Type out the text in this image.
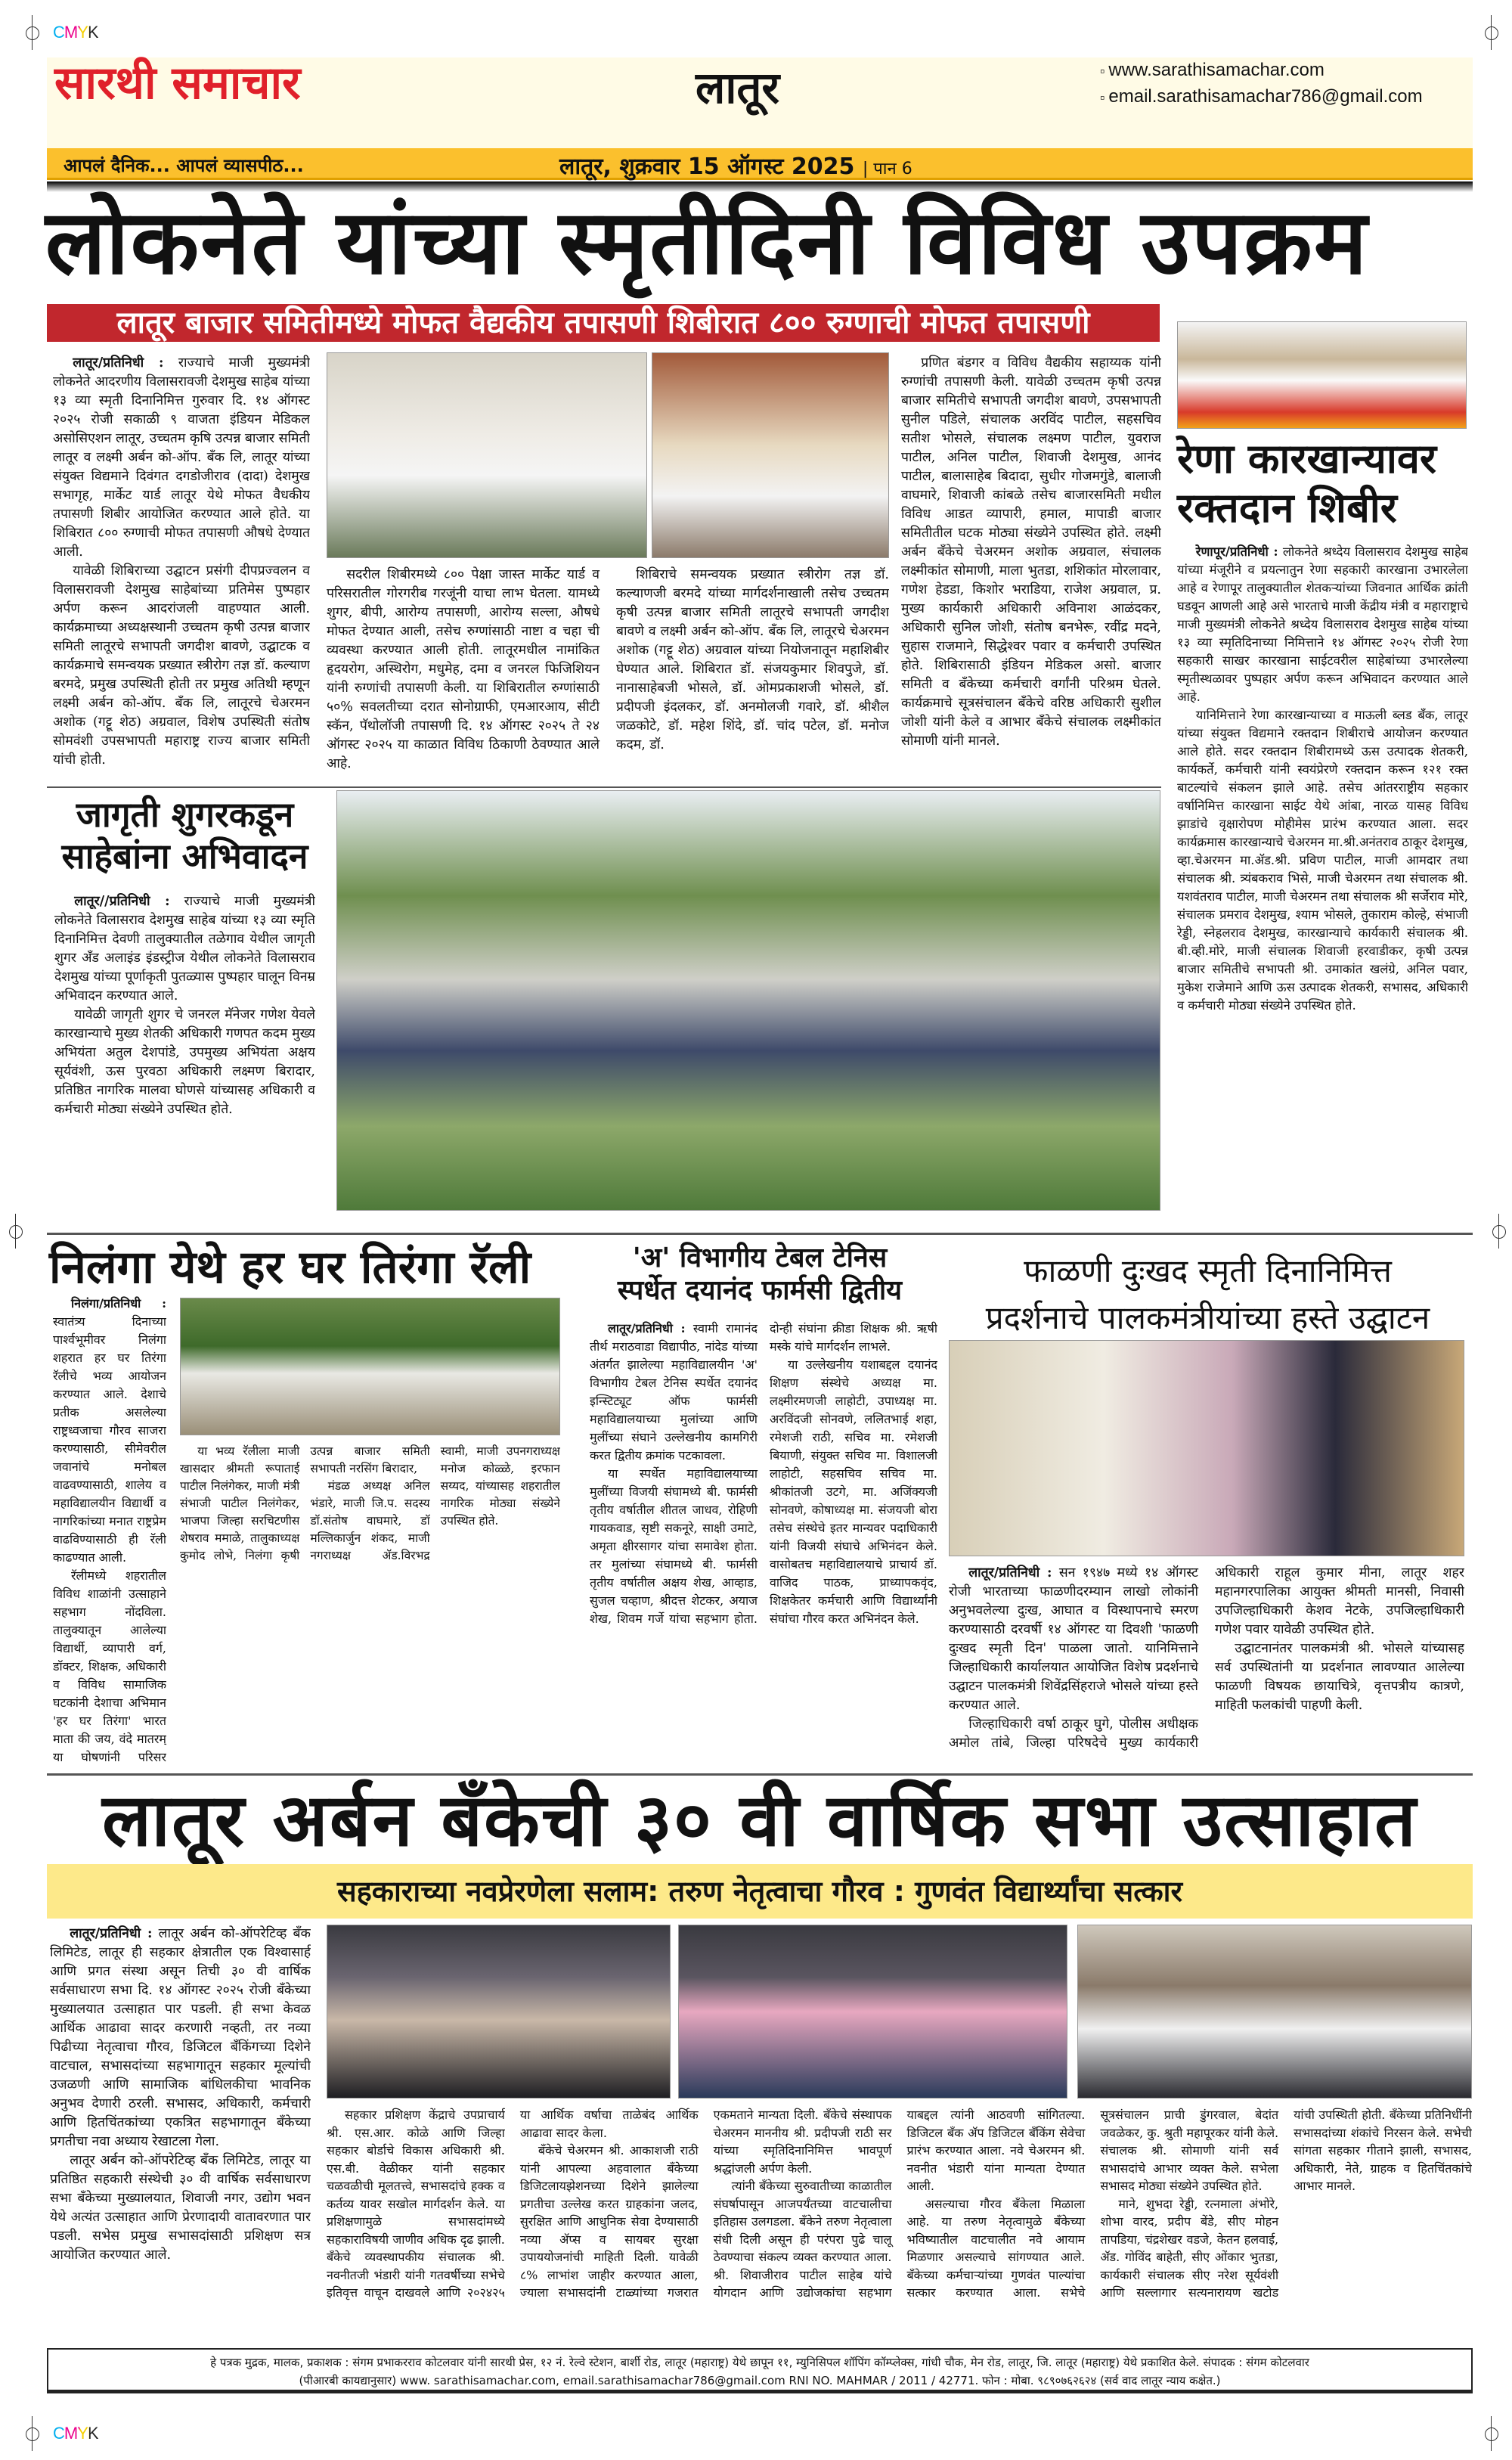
CMYK
CMYK
सारथी समाचार	लातूर	▫ www.sarathisamachar.com
▫ email.sarathisamachar786@gmail.com
आपलं दैनिक... आपलं व्यासपीठ...	लातूर, शुक्रवार 15 ऑगस्ट 2025 | पान 6
लोकनेते यांच्या स्मृतीदिनी विविध उपक्रम
लातूर बाजार समितीमध्ये मोफत वैद्यकीय तपासणी शिबीरात ८०० रुग्णाची मोफत तपासणी

लातूर/प्रतिनिधी : राज्याचे माजी मुख्यमंत्री लोकनेते आदरणीय विलासरावजी देशमुख साहेब यांच्या १३ व्या स्मृती दिनानिमित्त गुरुवार दि. १४ ऑगस्ट २०२५ रोजी सकाळी ९ वाजता इंडियन मेडिकल असोसिएशन लातूर, उच्चतम कृषि उत्पन्न बाजार समिती लातूर व लक्ष्मी अर्बन को-ऑप. बँक लि, लातूर यांच्या संयुक्त विद्यमाने दिवंगत दगडोजीराव (दादा) देशमुख सभागृह, मार्केट यार्ड लातूर येथे मोफत वैधकीय तपासणी शिबीर आयोजित करण्यात आले होते. या शिबिरात ८०० रुग्णाची मोफत तपासणी औषधे देण्यात आली.

यावेळी शिबिराच्या उद्घाटन प्रसंगी दीपप्रज्वलन व विलासरावजी देशमुख साहेबांच्या प्रतिमेस पुष्पहार अर्पण करून आदरांजली वाहण्यात आली. कार्यक्रमाच्या अध्यक्षस्थानी उच्चतम कृषी उत्पन्न बाजार समिती लातूरचे सभापती जगदीश बावणे, उद्घाटक व कार्यक्रमाचे समन्वयक प्रख्यात स्त्रीरोग तज्ञ डॉ. कल्याण बरमदे, प्रमुख उपस्थिती होती तर प्रमुख अतिथी म्हणून लक्ष्मी अर्बन को-ऑप. बँक लि, लातूरचे चेअरमन अशोक (गट्टू शेठ) अग्रवाल, विशेष उपस्थिती संतोष सोमवंशी उपसभापती महाराष्ट्र राज्य बाजार समिती यांची होती.

सदरील शिबीरमध्ये ८०० पेक्षा जास्त मार्केट यार्ड व परिसरातील गोरगरीब गरजूंनी याचा लाभ घेतला. यामध्ये शुगर, बीपी, आरोग्य तपासणी, आरोग्य सल्ला, औषधे मोफत देण्यात आली, तसेच रुग्णांसाठी नाष्टा व चहा ची व्यवस्था करण्यात आली होती. लातूरमधील नामांकित हृदयरोग, अस्थिरोग, मधुमेह, दमा व जनरल फिजिशियन यांनी रुग्णांची तपासणी केली. या शिबिरातील रुग्णांसाठी ५०% सवलतीच्या दरात सोनोग्राफी, एमआरआय, सीटी स्कॅन, पॅथोलॉजी तपासणी दि. १४ ऑगस्ट २०२५ ते २४ ऑगस्ट २०२५ या काळात विविध ठिकाणी ठेवण्यात आले आहे.

शिबिराचे समन्वयक प्रख्यात स्त्रीरोग तज्ञ डॉ. कल्याणजी बरमदे यांच्या मार्गदर्शनाखाली तसेच उच्चतम कृषी उत्पन्न बाजार समिती लातूरचे सभापती जगदीश बावणे व लक्ष्मी अर्बन को-ऑप. बँक लि, लातूरचे चेअरमन अशोक (गट्टू शेठ) अग्रवाल यांच्या नियोजनातून महाशिबीर घेण्यात आले. शिबिरात डॉ. संजयकुमार शिवपुजे, डॉ. नानासाहेबजी भोसले, डॉ. ओमप्रकाशजी भोसले, डॉ. प्रदीपजी इंदलकर, डॉ. अनमोलजी गवारे, डॉ. श्रीशैल जळकोटे, डॉ. महेश शिंदे, डॉ. चांद पटेल, डॉ. मनोज कदम, डॉ.

प्रणित बंडगर व विविध वैद्यकीय सहाय्यक यांनी रुग्णांची तपासणी केली. यावेळी उच्चतम कृषी उत्पन्न बाजार समितीचे सभापती जगदीश बावणे, उपसभापती सुनील पडिले, संचालक अरविंद पाटील, सहसचिव सतीश भोसले, संचालक लक्ष्मण पाटील, युवराज पाटील, अनिल पाटील, शिवाजी देशमुख, आनंद पाटील, बालासाहेब बिदादा, सुधीर गोजमगुंडे, बालाजी वाघमारे, शिवाजी कांबळे तसेच बाजारसमिती मधील विविध आडत व्यापारी, हमाल, मापाडी बाजार समितीतील घटक मोठ्या संख्येने उपस्थित होते. लक्ष्मी अर्बन बँकेचे चेअरमन अशोक अग्रवाल, संचालक लक्ष्मीकांत सोमाणी, माला भुतडा, शशिकांत मोरलावार, गणेश हेडडा, किशोर भराडिया, राजेश अग्रवाल, प्र. मुख्य कार्यकारी अधिकारी अविनाश आळंदकर, अधिकारी सुनिल जोशी, संतोष बनभेरू, रवींद्र मदने, सुहास राजमाने, सिद्धेश्वर पवार व कर्मचारी उपस्थित होते. शिबिरासाठी इंडियन मेडिकल असो. बाजार समिती व बँकेच्या कर्मचारी वर्गांनी परिश्रम घेतले. कार्यक्रमाचे सूत्रसंचालन बँकेचे वरिष्ठ अधिकारी सुशील जोशी यांनी केले व आभार बँकेचे संचालक लक्ष्मीकांत सोमाणी यांनी मानले.

रेणा कारखान्यावर
रक्तदान शिबीर

रेणापूर/प्रतिनिधी : लोकनेते श्रध्देय विलासराव देशमुख साहेब यांच्या मंजूरीने व प्रयत्नातुन रेणा सहकारी कारखाना उभारलेला आहे व रेणापूर तालुक्यातील शेतकऱ्यांच्या जिवनात आर्थिक क्रांती घडवून आणली आहे असे भारताचे माजी केंद्रीय मंत्री व महाराष्ट्राचे माजी मुख्यमंत्री लोकनेते श्रध्देय विलासराव देशमुख साहेब यांच्या १३ व्या स्मृतिदिनाच्या निमित्ताने १४ ऑगस्ट २०२५ रोजी रेणा सहकारी साखर कारखाना साईटवरील साहेबांच्या उभारलेल्या स्मृतीस्थळावर पुष्पहार अर्पण करून अभिवादन करण्यात आले आहे.

यानिमित्ताने रेणा कारखान्याच्या व माऊली ब्लड बँक, लातूर यांच्या संयुक्त विद्यमाने रक्तदान शिबीराचे आयोजन करण्यात आले होते. सदर रक्तदान शिबीरामध्ये ऊस उत्पादक शेतकरी, कार्यकर्ते, कर्मचारी यांनी स्वयंप्रेरणे रक्तदान करून १२१ रक्त बाटल्यांचे संकलन झाले आहे. तसेच आंतरराष्ट्रीय सहकार वर्षानिमित्त कारखाना साईट येथे आंबा, नारळ यासह विविध झाडांचे वृक्षारोपण मोहीमेस प्रारंभ करण्यात आला. सदर कार्यक्रमास कारखान्याचे चेअरमन मा.श्री.अनंतराव ठाकूर देशमुख, व्हा.चेअरमन मा.ॲड.श्री. प्रविण पाटील, माजी आमदार तथा संचालक श्री. त्र्यंबकराव भिसे, माजी चेअरमन तथा संचालक श्री. यशवंतराव पाटील, माजी चेअरमन तथा संचालक श्री सर्जेराव मोरे, संचालक प्रमराव देशमुख, श्याम भोसले, तुकाराम कोल्हे, संभाजी रेड्डी, स्नेहलराव देशमुख, कारखान्याचे कार्यकारी संचालक श्री. बी.व्ही.मोरे, माजी संचालक शिवाजी हरवाडीकर, कृषी उत्पन्न बाजार समितीचे सभापती श्री. उमाकांत खलंग्रे, अनिल पवार, मुकेश राजेमाने आणि ऊस उत्पादक शेतकरी, सभासद, अधिकारी व कर्मचारी मोठ्या संख्येने उपस्थित होते.

जागृती शुगरकडून
साहेबांना अभिवादन

लातूर//प्रतिनिधी : राज्याचे माजी मुख्यमंत्री लोकनेते विलासराव देशमुख साहेब यांच्या १३ व्या स्मृति दिनानिमित्त देवणी तालुक्यातील तळेगाव येथील जागृती शुगर अँड अलाइंड इंडस्ट्रीज येथील लोकनेते विलासराव देशमुख यांच्या पूर्णाकृती पुतळ्यास पुष्पहार घालून विनम्र अभिवादन करण्यात आले.

यावेळी जागृती शुगर चे जनरल मॅनेजर गणेश येवले कारखान्याचे मुख्य शेतकी अधिकारी गणपत कदम मुख्य अभियंता अतुल देशपांडे, उपमुख्य अभियंता अक्षय सूर्यवंशी, ऊस पुरवठा अधिकारी लक्ष्मण बिरादार, प्रतिष्ठित नागरिक मालवा घोणसे यांच्यासह अधिकारी व कर्मचारी मोठ्या संख्येने उपस्थित होते.

निलंगा येथे हर घर तिरंगा रॅली

निलंगा/प्रतिनिधी : स्वातंत्र्य दिनाच्या पार्श्वभूमीवर निलंगा शहरात हर घर तिरंगा रॅलीचे भव्य आयोजन करण्यात आले. देशाचे प्रतीक असलेल्या राष्ट्रध्वजाचा गौरव साजरा करण्यासाठी, सीमेवरील जवानांचे मनोबल वाढवण्यासाठी, शालेय व महाविद्यालयीन विद्यार्थी व नागरिकांच्या मनात राष्ट्रप्रेम वाढविण्यासाठी ही रॅली काढण्यात आली.

रॅलीमध्ये शहरातील विविध शाळांनी उत्साहाने सहभाग नोंदविला. तालुक्यातून आलेल्या विद्यार्थी, व्यापारी वर्ग, डॉक्टर, शिक्षक, अधिकारी व विविध सामाजिक घटकांनी देशाचा अभिमान 'हर घर तिरंगा' भारत माता की जय, वंदे मातरम् या घोषणांनी परिसर

या भव्य रॅलीला माजी खासदार श्रीमती रूपाताई पाटील निलंगेकर, माजी मंत्री संभाजी पाटील निलंगेकर, भाजपा जिल्हा सरचिटणीस शेषराव ममाळे, तालुकाध्यक्ष कुमोद लोभे, निलंगा कृषी उत्पन्न बाजार समिती सभापती नरसिंग बिरादार,

मंडळ अध्यक्ष अनिल भंडारे, माजी जि.प. सदस्य डॉ.संतोष वाघमारे, डॉ मल्लिकार्जुन शंकद, माजी नगराध्यक्ष ॲड.विरभद्र स्वामी, माजी उपनगराध्यक्ष मनोज कोळ्ळे, इरफान सय्यद, यांच्यासह शहरातील नागरिक मोठ्या संख्येने उपस्थित होते.

'अ' विभागीय टेबल टेनिस
स्पर्धेत दयानंद फार्मसी द्वितीय

लातूर/प्रतिनिधी : स्वामी रामानंद तीर्थ मराठवाडा विद्यापीठ, नांदेड यांच्या अंतर्गत झालेल्या महाविद्यालयीन 'अ' विभागीय टेबल टेनिस स्पर्धेत दयानंद इन्स्टिट्यूट ऑफ फार्मसी महाविद्यालयाच्या मुलांच्या आणि मुलींच्या संघाने उल्लेखनीय कामगिरी करत द्वितीय क्रमांक पटकावला.

या स्पर्धेत महाविद्यालयाच्या मुलींच्या विजयी संघामध्ये बी. फार्मसी तृतीय वर्षातील शीतल जाधव, रोहिणी गायकवाड, सृष्टी सकनूरे, साक्षी उमाटे, अमृता क्षीरसागर यांचा समावेश होता. तर मुलांच्या संघामध्ये बी. फार्मसी तृतीय वर्षातील अक्षय शेख, आव्हाड, सुजल चव्हाण, श्रीदत्त शेटकर, अयाज शेख, शिवम गर्जे यांचा सहभाग होता. दोन्ही संघांना क्रीडा शिक्षक श्री. ऋषी मस्के यांचे मार्गदर्शन लाभले.

या उल्लेखनीय यशाबद्दल दयानंद शिक्षण संस्थेचे अध्यक्ष मा. लक्ष्मीरमणजी लाहोटी, उपाध्यक्ष मा. अरविंदजी सोनवणे, ललितभाई शहा, रमेशजी राठी, सचिव मा. रमेशजी बियाणी, संयुक्त सचिव मा. विशालजी लाहोटी, सहसचिव सचिव मा. श्रीकांतजी उटगे, मा. अजिंक्यजी सोनवणे, कोषाध्यक्ष मा. संजयजी बोरा तसेच संस्थेचे इतर मान्यवर पदाधिकारी यांनी विजयी संघाचे अभिनंदन केले. वासोबतच महाविद्यालयाचे प्राचार्य डॉ. वाजिद पाठक, प्राध्यापकवृंद, शिक्षकेतर कर्मचारी आणि विद्यार्थ्यांनी संघांचा गौरव करत अभिनंदन केले.

फाळणी दुःखद स्मृती दिनानिमित्त
प्रदर्शनाचे पालकमंत्रीयांच्या हस्ते उद्घाटन

लातूर/प्रतिनिधी : सन १९४७ मध्ये १४ ऑगस्ट रोजी भारताच्या फाळणीदरम्यान लाखो लोकांनी अनुभवलेल्या दुःख, आघात व विस्थापनाचे स्मरण करण्यासाठी दरवर्षी १४ ऑगस्ट या दिवशी 'फाळणी दुःखद स्मृती दिन' पाळला जातो. यानिमित्ताने जिल्हाधिकारी कार्यालयात आयोजित विशेष प्रदर्शनाचे उद्घाटन पालकमंत्री शिवेंद्रसिंहराजे भोसले यांच्या हस्ते करण्यात आले.

जिल्हाधिकारी वर्षा ठाकूर घुगे, पोलीस अधीक्षक अमोल तांबे, जिल्हा परिषदेचे मुख्य कार्यकारी अधिकारी राहूल कुमार मीना, लातूर शहर महानगरपालिका आयुक्त श्रीमती मानसी, निवासी उपजिल्हाधिकारी केशव नेटके, उपजिल्हाधिकारी गणेश पवार यावेळी उपस्थित होते.

उद्घाटनानंतर पालकमंत्री श्री. भोसले यांच्यासह सर्व उपस्थितांनी या प्रदर्शनात लावण्यात आलेल्या फाळणी विषयक छायाचित्रे, वृत्तपत्रीय कात्रणे, माहिती फलकांची पाहणी केली.

लातूर अर्बन बँकेची ३० वी वार्षिक सभा उत्साहात
सहकाराच्या नवप्रेरणेला सलाम: तरुण नेतृत्वाचा गौरव : गुणवंत विद्यार्थ्यांचा सत्कार

लातूर/प्रतिनिधी : लातूर अर्बन को-ऑपरेटिव्ह बँक लिमिटेड, लातूर ही सहकार क्षेत्रातील एक विश्वासार्ह आणि प्रगत संस्था असून तिची ३० वी वार्षिक सर्वसाधारण सभा दि. १४ ऑगस्ट २०२५ रोजी बँकेच्या मुख्यालयात उत्साहात पार पडली. ही सभा केवळ आर्थिक आढावा सादर करणारी नव्हती, तर नव्या पिढीच्या नेतृत्वाचा गौरव, डिजिटल बँकिंगच्या दिशेने वाटचाल, सभासदांच्या सहभागातून सहकार मूल्यांची उजळणी आणि सामाजिक बांधिलकीचा भावनिक अनुभव देणारी ठरली. सभासद, अधिकारी, कर्मचारी आणि हितचिंतकांच्या एकत्रित सहभागातून बँकेच्या प्रगतीचा नवा अध्याय रेखाटला गेला.

लातूर अर्बन को-ऑपरेटिव्ह बँक लिमिटेड, लातूर या प्रतिष्ठित सहकारी संस्थेची ३० वी वार्षिक सर्वसाधारण सभा बँकेच्या मुख्यालयात, शिवाजी नगर, उद्योग भवन येथे अत्यंत उत्साहात आणि प्रेरणादायी वातावरणात पार पडली. सभेस प्रमुख सभासदांसाठी प्रशिक्षण सत्र आयोजित करण्यात आले.

सहकार प्रशिक्षण केंद्राचे उपप्राचार्य श्री. एस.आर. कोळे आणि जिल्हा सहकार बोर्डाचे विकास अधिकारी श्री. एस.बी. वेळीकर यांनी सहकार चळवळीची मूलतत्त्वे, सभासदांचे हक्क व कर्तव्य यावर सखोल मार्गदर्शन केले. या प्रशिक्षणामुळे सभासदांमध्ये सहकाराविषयी जाणीव अधिक दृढ झाली. बँकेचे व्यवस्थापकीय संचालक श्री. नवनीतजी भंडारी यांनी गतवर्षीच्या सभेचे इतिवृत्त वाचून दाखवले आणि २०२४२५ या आर्थिक वर्षाचा ताळेबंद आर्थिक आढावा सादर केला.

बँकेचे चेअरमन श्री. आकाशजी राठी यांनी आपल्या अहवालात बँकेच्या डिजिटलायझेशनच्या दिशेने झालेल्या प्रगतीचा उल्लेख करत ग्राहकांना जलद, सुरक्षित आणि आधुनिक सेवा देण्यासाठी नव्या ॲप्स व सायबर सुरक्षा उपाययोजनांची माहिती दिली. यावेळी ८% लाभांश जाहीर करण्यात आला, ज्याला सभासदांनी टाळ्यांच्या गजरात एकमताने मान्यता दिली. बँकेचे संस्थापक चेअरमन माननीय श्री. प्रदीपजी राठी सर यांच्या स्मृतिदिनानिमित्त भावपूर्ण श्रद्धांजली अर्पण केली.

त्यांनी बँकेच्या सुरुवातीच्या काळातील संघर्षापासून आजपर्यंतच्या वाटचालीचा इतिहास उलगडला. बँकेने तरुण नेतृत्वाला संधी दिली असून ही परंपरा पुढे चालू ठेवण्याचा संकल्प व्यक्त करण्यात आला. श्री. शिवाजीराव पाटील साहेब यांचे योगदान आणि उद्योजकांचा सहभाग याबद्दल त्यांनी आठवणी सांगितल्या. डिजिटल बँक ॲप डिजिटल बँकिंग सेवेचा प्रारंभ करण्यात आला. नवे चेअरमन श्री. नवनीत भंडारी यांना मान्यता देण्यात आली.

असल्याचा गौरव बँकेला मिळाला आहे. या तरुण नेतृत्वामुळे बँकेच्या भविष्यातील वाटचालीत नवे आयाम मिळणार असल्याचे सांगण्यात आले. बँकेच्या कर्मचाऱ्यांच्या गुणवंत पाल्यांचा सत्कार करण्यात आला. सभेचे सूत्रसंचालन प्राची डुंगरवाल, बेदांत जवळेकर, कु. श्रुती महापूरकर यांनी केले. संचालक श्री. सोमाणी यांनी सर्व सभासदांचे आभार व्यक्त केले. सभेला सभासद मोठ्या संख्येने उपस्थित होते.

माने, शुभदा रेड्डी, रत्नमाला अंभोरे, शोभा वारद, प्रदीप बेंडे, सीए मोहन तापडिया, चंद्रशेखर वडजे, केतन हलवाई, ॲड. गोविंद बाहेती, सीए ओंकार भुतडा, कार्यकारी संचालक सीए नरेश सूर्यवंशी आणि सल्लागार सत्यनारायण खटोड यांची उपस्थिती होती. बँकेच्या प्रतिनिधींनी सभासदांच्या शंकांचे निरसन केले. सभेची सांगता सहकार गीताने झाली, सभासद, अधिकारी, नेते, ग्राहक व हितचिंतकांचे आभार मानले.

हे पत्रक मुद्रक, मालक, प्रकाशक : संगम प्रभाकरराव कोटलवार यांनी सारथी प्रेस, १२ नं. रेल्वे स्टेशन, बार्शी रोड, लातूर (महाराष्ट्र) येथे छापून ११, म्युनिसिपल शॉपिंग कॉम्प्लेक्स, गांधी चौक, मेन रोड, लातूर, जि. लातूर (महाराष्ट्र) येथे प्रकाशित केले. संपादक : संगम कोटलवार
(पीआरबी कायद्यानुसार) www. sarathisamachar.com, email.sarathisamachar786@gmail.com RNI NO. MAHMAR / 2011 / 42771. फोन : मोबा. ९८९०७६२६२४ (सर्व वाद लातूर न्याय कक्षेत.)
